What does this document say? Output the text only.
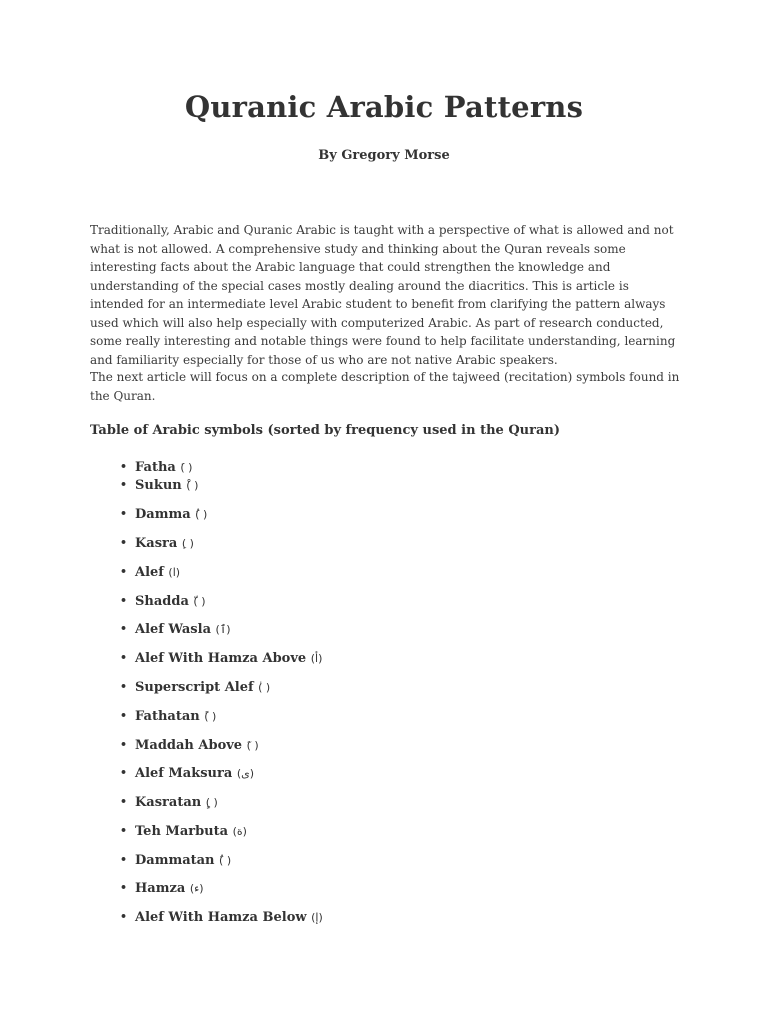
Quranic Arabic Patterns

By Gregory Morse

Traditionally, Arabic and Quranic Arabic is taught with a perspective of what is allowed and not what is not allowed. A comprehensive study and thinking about the Quran reveals some interesting facts about the Arabic language that could strengthen the knowledge and understanding of the special cases mostly dealing around the diacritics. This is article is intended for an intermediate level Arabic student to benefit from clarifying the pattern always used which will also help especially with computerized Arabic. As part of research conducted, some really interesting and notable things were found to help facilitate understanding, learning and familiarity especially for those of us who are not native Arabic speakers.

The next article will focus on a complete description of the tajweed (recitation) symbols found in the Quran.

Table of Arabic symbols (sorted by frequency used in the Quran)

• Fatha (َ )
• Sukun (ْ )
• Damma (ُ )
• Kasra (ِ )
• Alef (ا)
• Shadda (ّ )
• Alef Wasla (ٱ)
• Alef With Hamza Above (أ)
• Superscript Alef (ٰ )
• Fathatan (ً )
• Maddah Above (ٓ )
• Alef Maksura (ى)
• Kasratan (ٍ )
• Teh Marbuta (ة)
• Dammatan (ٌ )
• Hamza (ء)
• Alef With Hamza Below (إ)
